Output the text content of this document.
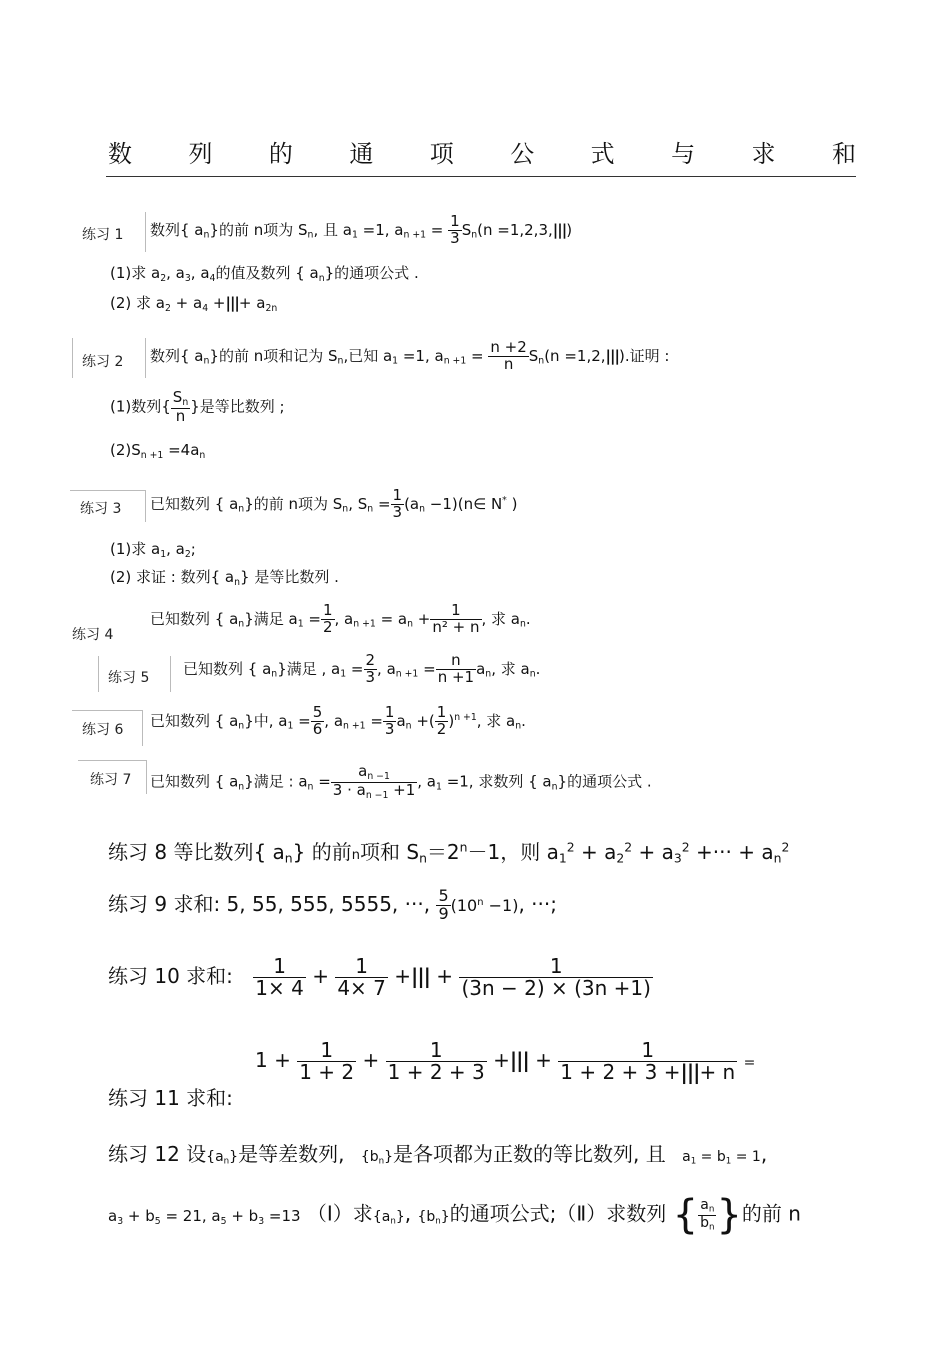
数 列 的 通 项 公 式 与 求 和
练习 1 数列{ $a_n$}的前 n项为 $S_n$, 且 $a_1 =1$, $a_{n +1} = \frac{1}{3} S_n(n =1,2,3,|||)$
(1)求 $a_2$, $a_3$, $a_4$的值及数列 { $a_n$}的通项公式 .
(2) 求 $a_2 + a_4$ +|||+ $a_{2n}$
练习 2 数列{ $a_n$}的前 n项和记为 $S_n$,已知 $a_1 =1$, $a_{n +1} = \frac{n +2}{n} S_n(n =1,2,|||)$.证明 :
(1)数列{ $\frac{S_n}{n}$ }是等比数列 ;
$(2)S_{n +1} =4a_n$
练习 3 已知数列 { $a_n$}的前 n项为 $S_n$, $S_n = \frac{1}{3} (a_n$ −1)(n∈ N* )
(1)求 $a_1$, $a_2$;
(2) 求证 : 数列{ $a_n$} 是等比数列 .
练习 4
已知数列 { $a_n$}满足 $a_1 = \frac{1}{2}$ , $a_{n +1} = a_n + \frac{1}{\text{n² + n}}$ , 求 $a_n$.
练习 5
已知数列 { $a_n$}满足 , $a_1 = \frac{2}{3}$ , $a_{n +1} = \frac{n}{n +1} a_n$, 求 $a_n$.
练习 6
已知数列 { $a_n$}中, $a_1 = \frac{5}{6}$ , $a_{n +1} = \frac{1}{3} a_n$ +( $\frac{1}{2} )^{n +1}$, 求 $a_n$.
练习 7 已知数列 { $a_n$}满足 : $a_n = \frac{a_{n -1}}{3 \cdot a_{n -1} +1}$ , $a_1 =1$, 求数列 { $a_n$}的通项公式 .
练习 8 等比数列{ $a_n$} 的前n项和 $S_n=2^n-1$，则 $a_1^2 + a_2^2 + a_3^2$ +··· + $a_n^2$
练习 9 求和: 5, 55, 555, 5555, ···, $\frac{5}{9} (10^n -1)$, ···;
练习 10 求和: $\frac{1}{1\times 4} + \frac{1}{4\times 7}$ +||| + $\frac{1}{(3n - 2) \times (3n +1)}$
练习 11 求和:
$1 + \frac{1}{1 + 2} + \frac{1}{1 + 2 + 3}$ +||| + $\frac{1}{1 + 2 + 3 +|||+ n}$ =
练习 12 设$\{a_n\}$是等差数列, $\{b_n\}$是各项都为正数的等比数列, 且 $a_1 = b_1 = 1$,
$a_3 + b_5 = 21$, $a_5 + b_3 =13$ （Ⅰ）求$\{a_n\}$, $\{b_n\}$的通项公式;（Ⅱ）求数列 { $\frac{a_n}{b_n}$ }的前 n
